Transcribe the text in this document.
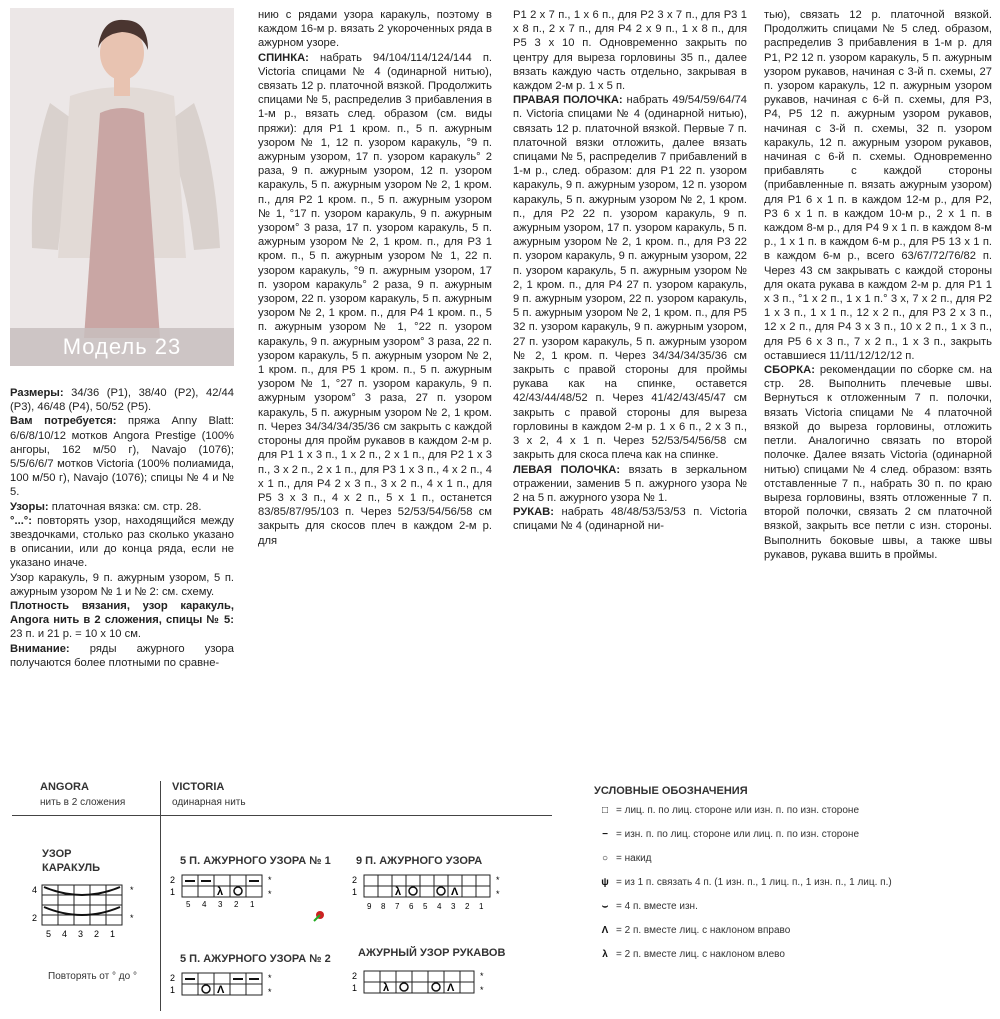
Модель 23

Размеры: 34/36 (P1), 38/40 (P2), 42/44 (P3), 46/48 (P4), 50/52 (P5).

Вам потребуется: пряжа Anny Blatt: 6/6/8/10/12 мотков Angora Prestige (100% ангоры, 162 м/50 г), Navajo (1076); 5/5/6/6/7 мотков Victoria (100% полиамида, 100 м/50 г), Navajo (1076); спицы № 4 и № 5.

Узоры: платочная вязка: см. стр. 28.

°...°: повторять узор, находящийся между звездочками, столько раз сколько указано в описании, или до конца ряда, если не указано иначе.

Узор каракуль, 9 п. ажурным узором, 5 п. ажурным узором № 1 и № 2: см. схему.

Плотность вязания, узор каракуль, Angora нить в 2 сложения, спицы № 5: 23 п. и 21 р. = 10 х 10 см.

Внимание: ряды ажурного узора получаются более плотными по сравне-

нию с рядами узора каракуль, поэтому в каждом 16-м р. вязать 2 укороченных ряда в ажурном узоре.

СПИНКА: набрать 94/104/114/124/144 п. Victoria спицами № 4 (одинарной нитью), связать 12 р. платочной вязкой. Продолжить спицами № 5, распределив 3 прибавления в 1-м р., вязать след. образом (см. виды пряжи): для P1 1 кром. п., 5 п. ажурным узором № 1, 12 п. узором каракуль, °9 п. ажурным узором, 17 п. узором каракуль° 2 раза, 9 п. ажурным узором, 12 п. узором каракуль, 5 п. ажурным узором № 2, 1 кром. п., для P2 1 кром. п., 5 п. ажурным узором № 1, °17 п. узором каракуль, 9 п. ажурным узором° 3 раза, 17 п. узором каракуль, 5 п. ажурным узором № 2, 1 кром. п., для P3 1 кром. п., 5 п. ажурным узором № 1, 22 п. узором каракуль, °9 п. ажурным узором, 17 п. узором каракуль° 2 раза, 9 п. ажурным узором, 22 п. узором каракуль, 5 п. ажурным узором № 2, 1 кром. п., для P4 1 кром. п., 5 п. ажурным узором № 1, °22 п. узором каракуль, 9 п. ажурным узором° 3 раза, 22 п. узором каракуль, 5 п. ажурным узором № 2, 1 кром. п., для P5 1 кром. п., 5 п. ажурным узором № 1, °27 п. узором каракуль, 9 п. ажурным узором° 3 раза, 27 п. узором каракуль, 5 п. ажурным узором № 2, 1 кром. п. Через 34/34/34/35/36 см закрыть с каждой стороны для пройм рукавов в каждом 2-м р. для P1 1 х 3 п., 1 х 2 п., 2 х 1 п., для P2 1 х 3 п., 3 х 2 п., 2 х 1 п., для P3 1 х 3 п., 4 х 2 п., 4 х 1 п., для P4 2 х 3 п., 3 х 2 п., 4 х 1 п., для P5 3 х 3 п., 4 х 2 п., 5 х 1 п., останется 83/85/87/95/103 п. Через 52/53/54/56/58 см закрыть для скосов плеч в каждом 2-м р. для

P1 2 х 7 п., 1 х 6 п., для P2 3 х 7 п., для P3 1 х 8 п., 2 х 7 п., для P4 2 х 9 п., 1 х 8 п., для P5 3 х 10 п. Одновременно закрыть по центру для выреза горловины 35 п., далее вязать каждую часть отдельно, закрывая в каждом 2-м р. 1 х 5 п.

ПРАВАЯ ПОЛОЧКА: набрать 49/54/59/64/74 п. Victoria спицами № 4 (одинарной нитью), связать 12 р. платочной вязкой. Первые 7 п. платочной вязки отложить, далее вязать спицами № 5, распределив 7 прибавлений в 1-м р., след. образом: для P1 22 п. узором каракуль, 9 п. ажурным узором, 12 п. узором каракуль, 5 п. ажурным узором № 2, 1 кром. п., для P2 22 п. узором каракуль, 9 п. ажурным узором, 17 п. узором каракуль, 5 п. ажурным узором № 2, 1 кром. п., для P3 22 п. узором каракуль, 9 п. ажурным узором, 22 п. узором каракуль, 5 п. ажурным узором № 2, 1 кром. п., для P4 27 п. узором каракуль, 9 п. ажурным узором, 22 п. узором каракуль, 5 п. ажурным узором № 2, 1 кром. п., для P5 32 п. узором каракуль, 9 п. ажурным узором, 27 п. узором каракуль, 5 п. ажурным узором № 2, 1 кром. п. Через 34/34/34/35/36 см закрыть с правой стороны для проймы рукава как на спинке, оставется 42/43/44/48/52 п. Через 41/42/43/45/47 см закрыть с правой стороны для выреза горловины в каждом 2-м р. 1 х 6 п., 2 х 3 п., 3 х 2, 4 х 1 п. Через 52/53/54/56/58 см закрыть для скоса плеча как на спинке.

ЛЕВАЯ ПОЛОЧКА: вязать в зеркальном отражении, заменив 5 п. ажурного узора № 2 на 5 п. ажурного узора № 1.

РУКАВ: набрать 48/48/53/53/53 п. Victoria спицами № 4 (одинарной ни-

тью), связать 12 р. платочной вязкой. Продолжить спицами № 5 след. образом, распределив 3 прибавления в 1-м р. для P1, P2 12 п. узором каракуль, 5 п. ажурным узором рукавов, начиная с 3-й п. схемы, 27 п. узором каракуль, 12 п. ажурным узором рукавов, начиная с 6-й п. схемы, для P3, P4, P5 12 п. ажурным узором рукавов, начиная с 3-й п. схемы, 32 п. узором каракуль, 12 п. ажурным узором рукавов, начиная с 6-й п. схемы. Одновременно прибавлять с каждой стороны (прибавленные п. вязать ажурным узором) для P1 6 х 1 п. в каждом 12-м р., для P2, P3 6 х 1 п. в каждом 10-м р., 2 х 1 п. в каждом 8-м р., для P4 9 х 1 п. в каждом 8-м р., 1 х 1 п. в каждом 6-м р., для P5 13 х 1 п. в каждом 6-м р., всего 63/67/72/76/82 п. Через 43 см закрывать с каждой стороны для оката рукава в каждом 2-м р. для P1 1 х 3 п., °1 х 2 п., 1 х 1 п.° 3 х, 7 х 2 п., для P2 1 х 3 п., 1 х 1 п., 12 х 2 п., для P3 2 х 3 п., 12 х 2 п., для P4 3 х 3 п., 10 х 2 п., 1 х 3 п., для P5 6 х 3 п., 7 х 2 п., 1 х 3 п., закрыть оставшиеся 11/11/12/12/12 п.

СБОРКА: рекомендации по сборке см. на стр. 28. Выполнить плечевые швы. Вернуться к отложенным 7 п. полочки, вязать Victoria спицами № 4 платочной вязкой до выреза горловины, отложить петли. Аналогично связать по второй полочке. Далее вязать Victoria (одинарной нитью) спицами № 4 след. образом: взять отставленные 7 п., набрать 30 п. по краю выреза горловины, взять отложенные 7 п. второй полочки, связать 2 см платочной вязкой, закрыть все петли с изн. стороны. Выполнить боковые швы, а также швы рукавов, рукава вшить в проймы.

ANGORA
нить в 2 сложения
VICTORIA
одинарная нить
УЗОР КАРАКУЛЬ
4
2
*
*
5 4 3 2 1
Повторять от ° до °
5 П. АЖУРНОГО УЗОРА № 1
2
1	λ
*
*
5 4 3 2 1
5 П. АЖУРНОГО УЗОРА № 2
2
1	Λ
*
*
9 П. АЖУРНОГО УЗОРА
2
1	λ	Λ
*
*
9 8 7 6 5 4 3 2 1
АЖУРНЫЙ УЗОР РУКАВОВ
2
1 λ	Λ
*
*
УСЛОВНЫЕ ОБОЗНАЧЕНИЯ
□ = лиц. п. по лиц. стороне или изн. п. по изн. стороне
− = изн. п. по лиц. стороне или лиц. п. по изн. стороне
○ = накид
ψ = из 1 п. связать 4 п. (1 изн. п., 1 лиц. п., 1 изн. п., 1 лиц. п.)
⌣ = 4 п. вместе изн.
Λ = 2 п. вместе лиц. с наклоном вправо
λ = 2 п. вместе лиц. с наклоном влево
